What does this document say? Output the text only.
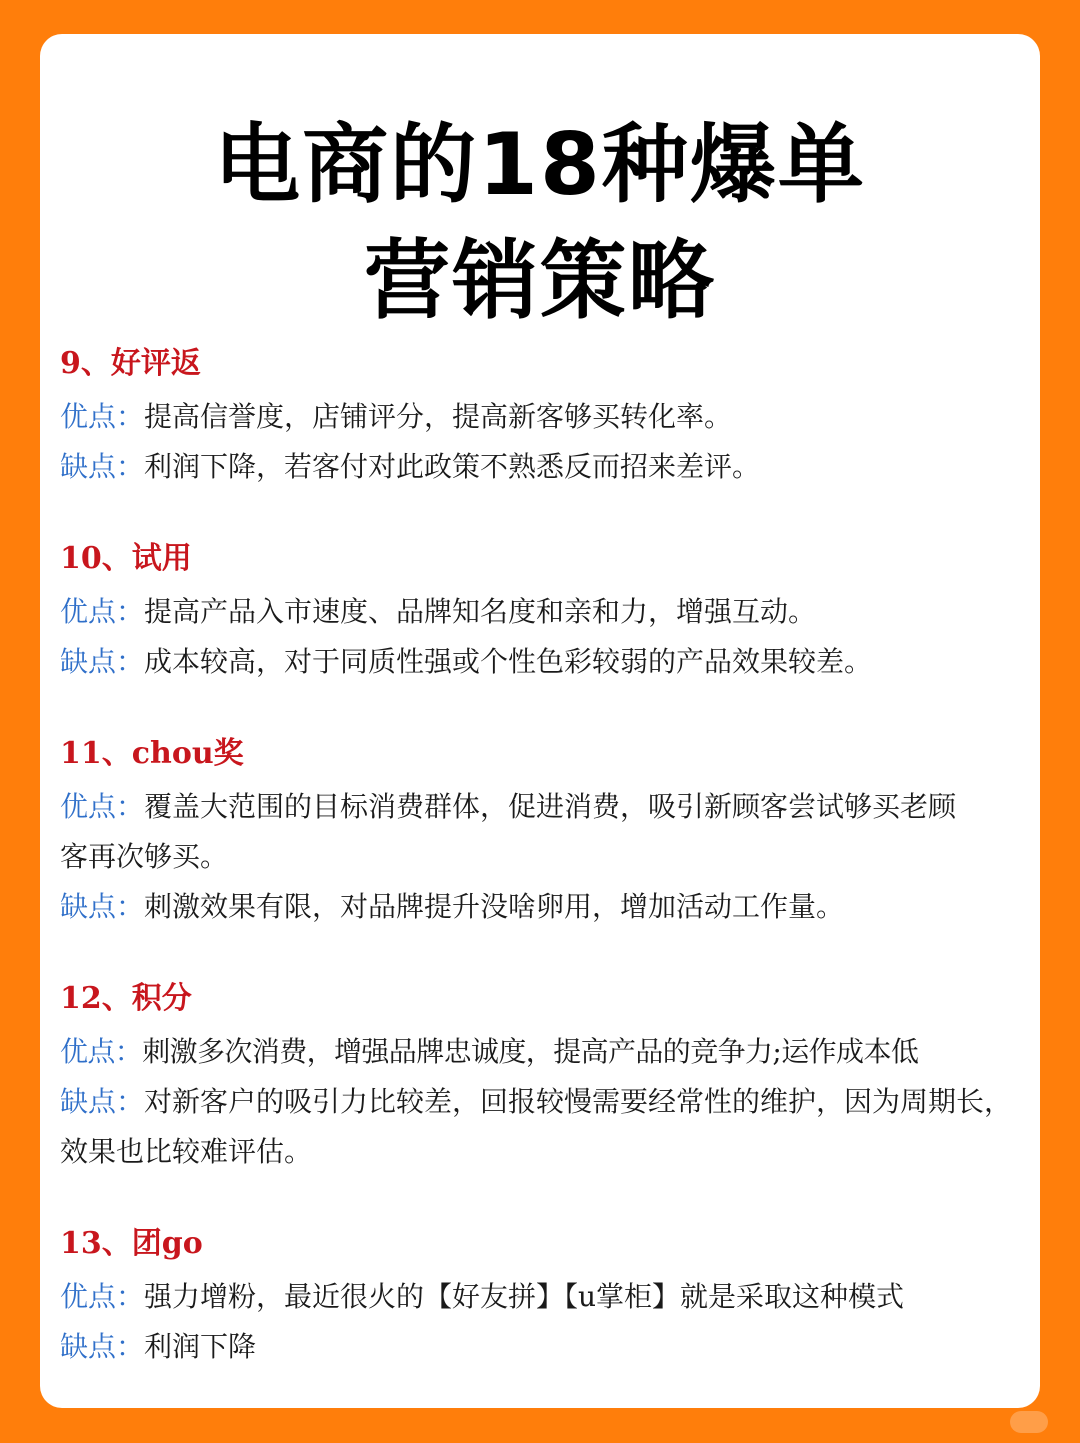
电商的18种爆单
营销策略
9、好评返

优点：提高信誉度，店铺评分，提高新客够买转化率。

缺点：利润下降，若客付对此政策不熟悉反而招来差评。

10、试用

优点：提高产品入市速度、品牌知名度和亲和力，增强互动。

缺点：成本较高，对于同质性强或个性色彩较弱的产品效果较差。

11、chou奖

优点：覆盖大范围的目标消费群体，促进消费，吸引新顾客尝试够买老顾客再次够买。

缺点：刺激效果有限，对品牌提升没啥卵用，增加活动工作量。

12、积分

优点：刺激多次消费，增强品牌忠诚度，提高产品的竞争力;运作成本低

缺点：对新客户的吸引力比较差，回报较慢需要经常性的维护，因为周期长，效果也比较难评估。

13、团go

优点：强力增粉，最近很火的【好友拼】【u掌柜】就是采取这种模式

缺点：利润下降
